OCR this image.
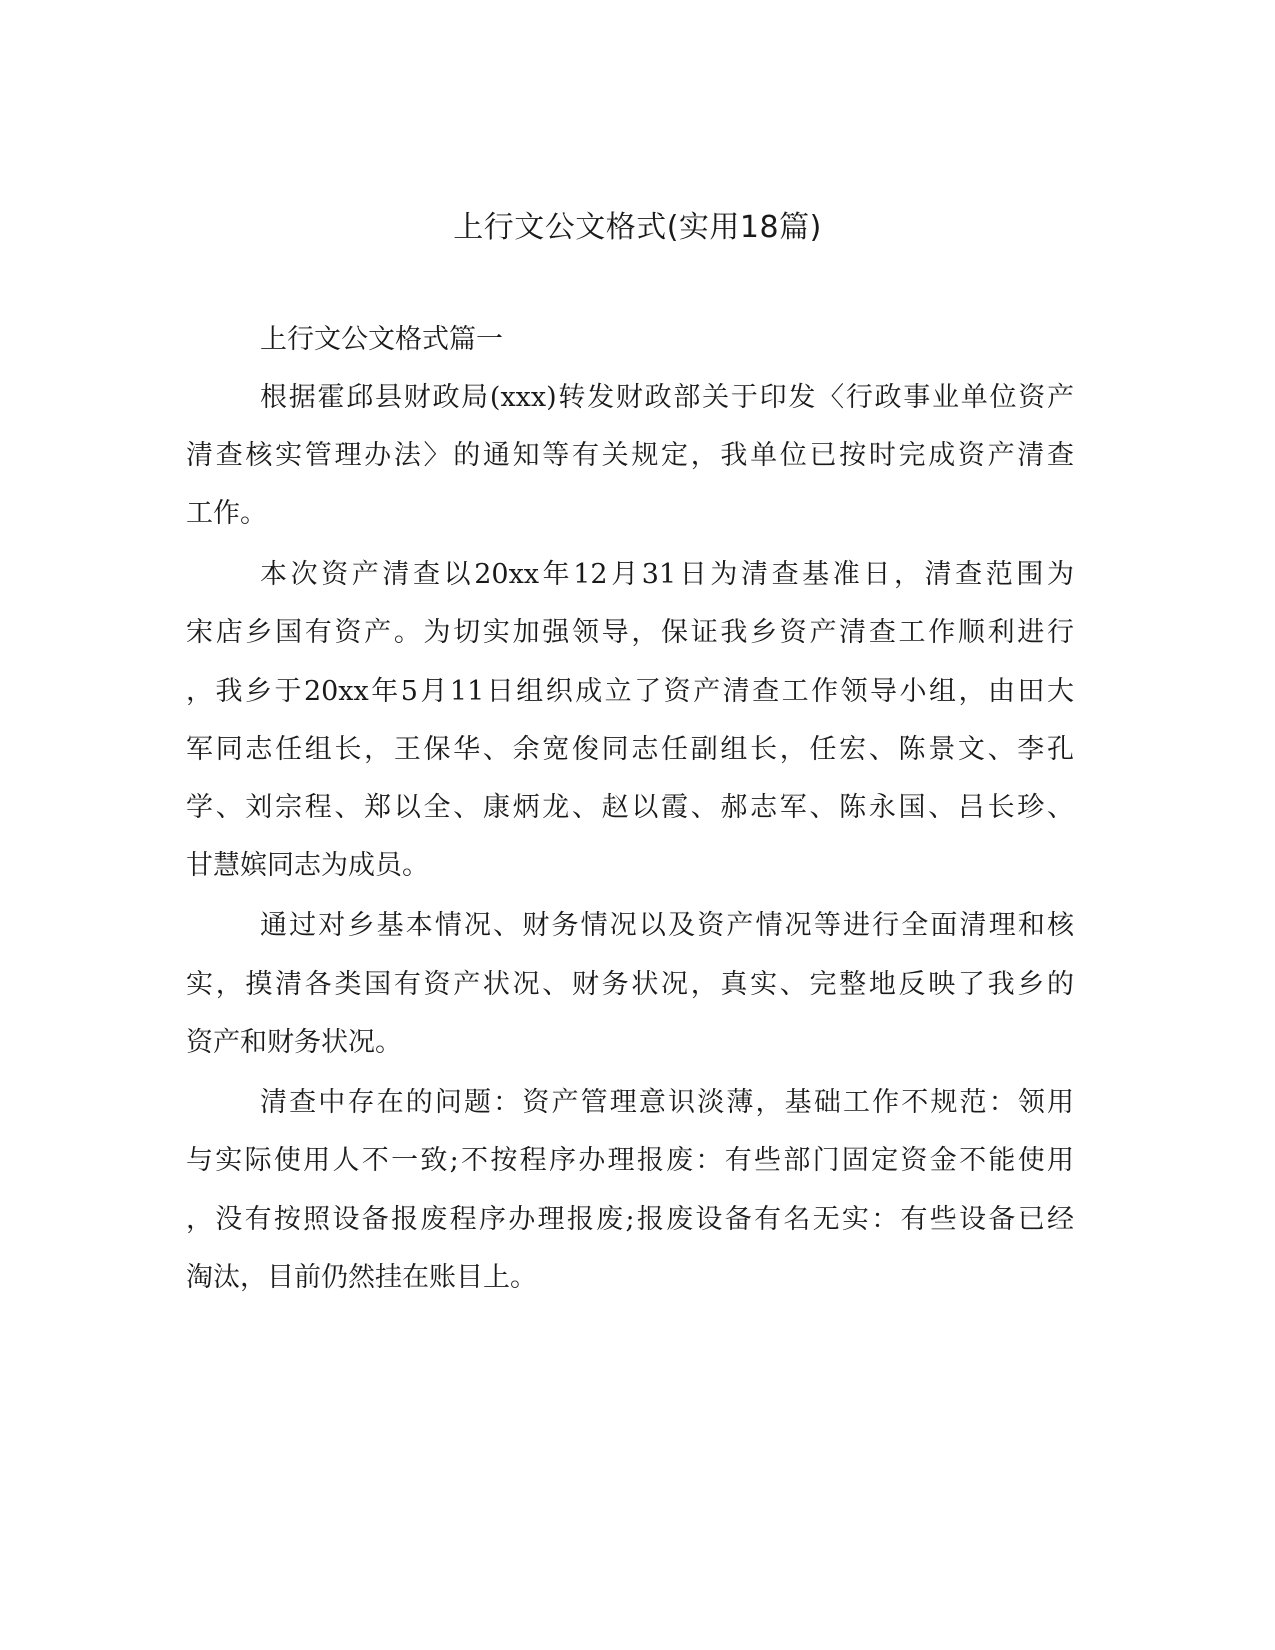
上行文公文格式(实用18篇)

上行文公文格式篇一

根据霍邱县财政局(xxx)转发财政部关于印发〈行政事业单位资产

清查核实管理办法〉的通知等有关规定，我单位已按时完成资产清查

工作。

本次资产清查以20xx年12月31日为清查基准日，清查范围为

宋店乡国有资产。为切实加强领导，保证我乡资产清查工作顺利进行

，我乡于20xx年5月11日组织成立了资产清查工作领导小组，由田大

军同志任组长，王保华、余宽俊同志任副组长，任宏、陈景文、李孔

学、刘宗程、郑以全、康炳龙、赵以霞、郝志军、陈永国、吕长珍、

甘慧嫔同志为成员。

通过对乡基本情况、财务情况以及资产情况等进行全面清理和核

实，摸清各类国有资产状况、财务状况，真实、完整地反映了我乡的

资产和财务状况。

清查中存在的问题：资产管理意识淡薄，基础工作不规范：领用

与实际使用人不一致;不按程序办理报废：有些部门固定资金不能使用

，没有按照设备报废程序办理报废;报废设备有名无实：有些设备已经

淘汰，目前仍然挂在账目上。
